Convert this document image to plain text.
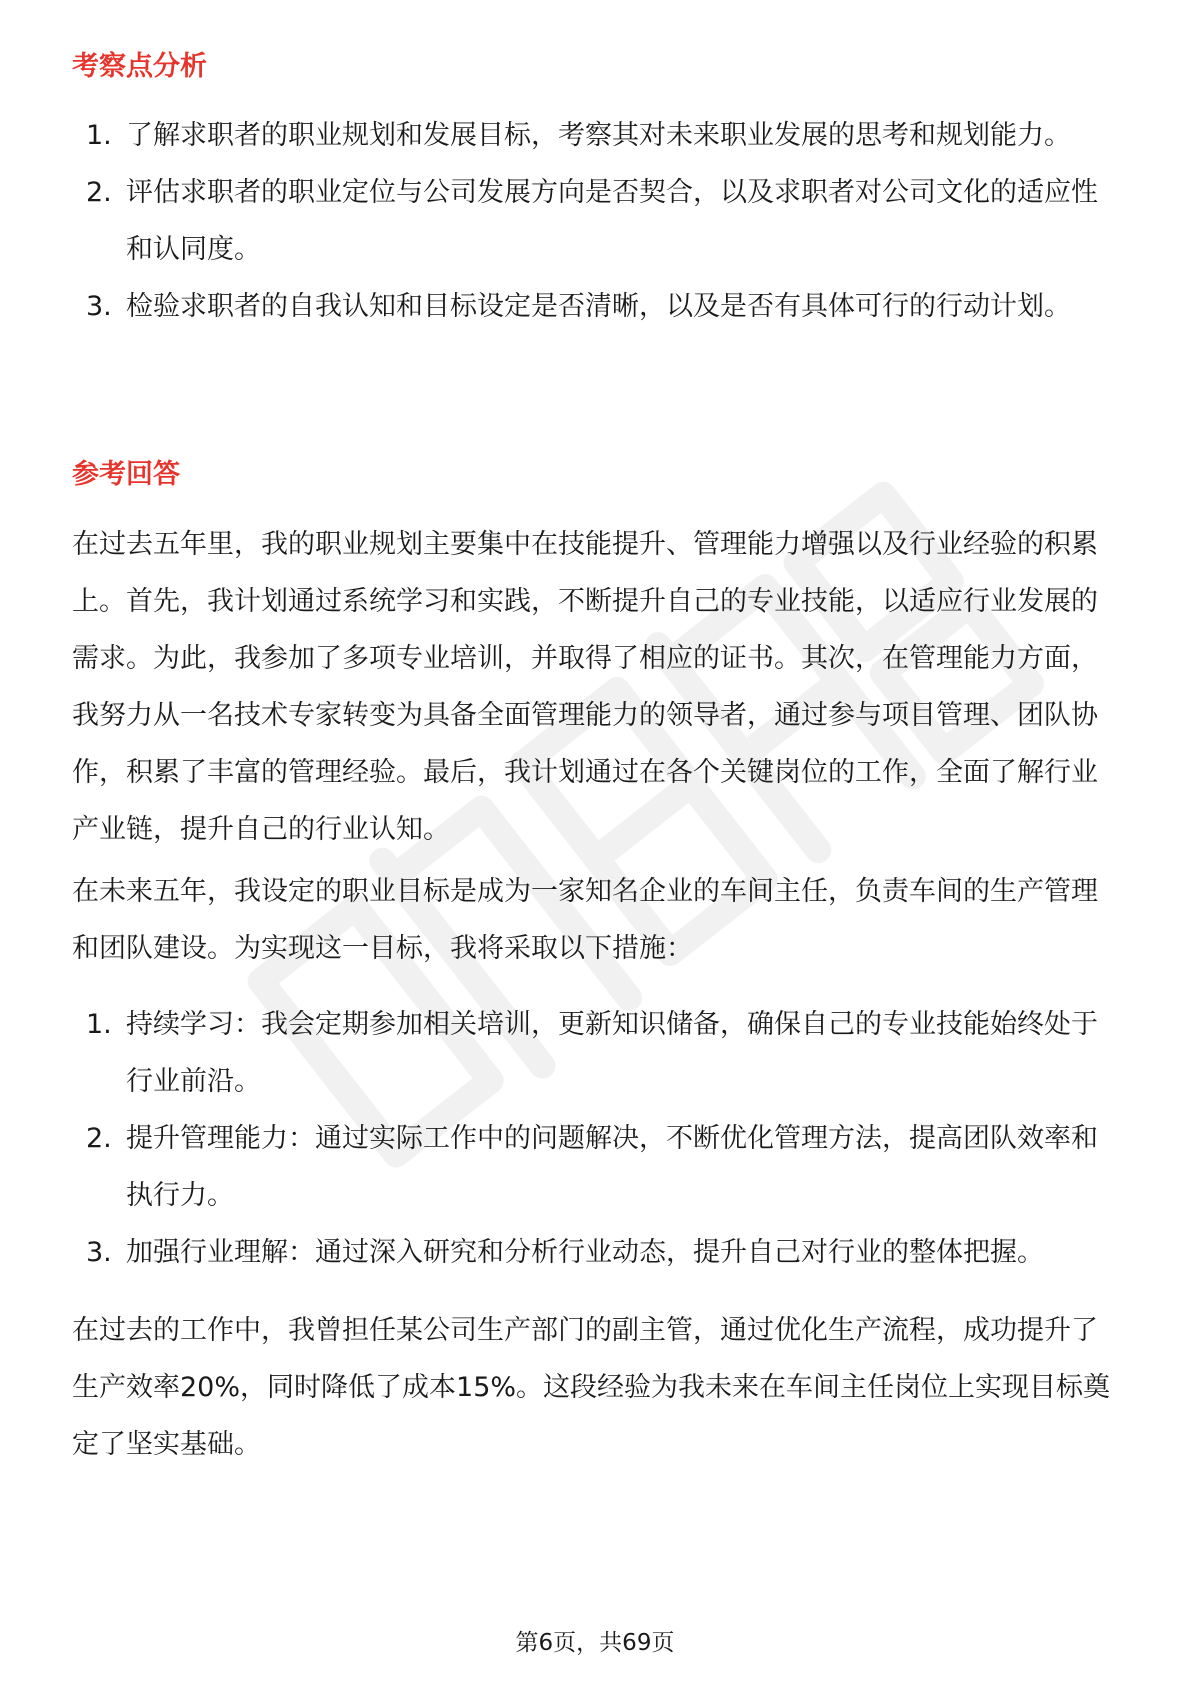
考察点分析
1. 了解求职者的职业规划和发展目标，考察其对未来职业发展的思考和规划能力。
2. 评估求职者的职业定位与公司发展方向是否契合，以及求职者对公司文化的适应性和认同度。
3. 检验求职者的自我认知和目标设定是否清晰，以及是否有具体可行的行动计划。
参考回答

在过去五年里，我的职业规划主要集中在技能提升、管理能力增强以及行业经验的积累上。首先，我计划通过系统学习和实践，不断提升自己的专业技能，以适应行业发展的需求。为此，我参加了多项专业培训，并取得了相应的证书。其次，在管理能力方面，我努力从一名技术专家转变为具备全面管理能力的领导者，通过参与项目管理、团队协作，积累了丰富的管理经验。最后，我计划通过在各个关键岗位的工作，全面了解行业产业链，提升自己的行业认知。

在未来五年，我设定的职业目标是成为一家知名企业的车间主任，负责车间的生产管理和团队建设。为实现这一目标，我将采取以下措施：

1. 持续学习：我会定期参加相关培训，更新知识储备，确保自己的专业技能始终处于行业前沿。
2. 提升管理能力：通过实际工作中的问题解决，不断优化管理方法，提高团队效率和执行力。
3. 加强行业理解：通过深入研究和分析行业动态，提升自己对行业的整体把握。

在过去的工作中，我曾担任某公司生产部门的副主管，通过优化生产流程，成功提升了生产效率20%，同时降低了成本15%。这段经验为我未来在车间主任岗位上实现目标奠定了坚实基础。

第6页，共69页
